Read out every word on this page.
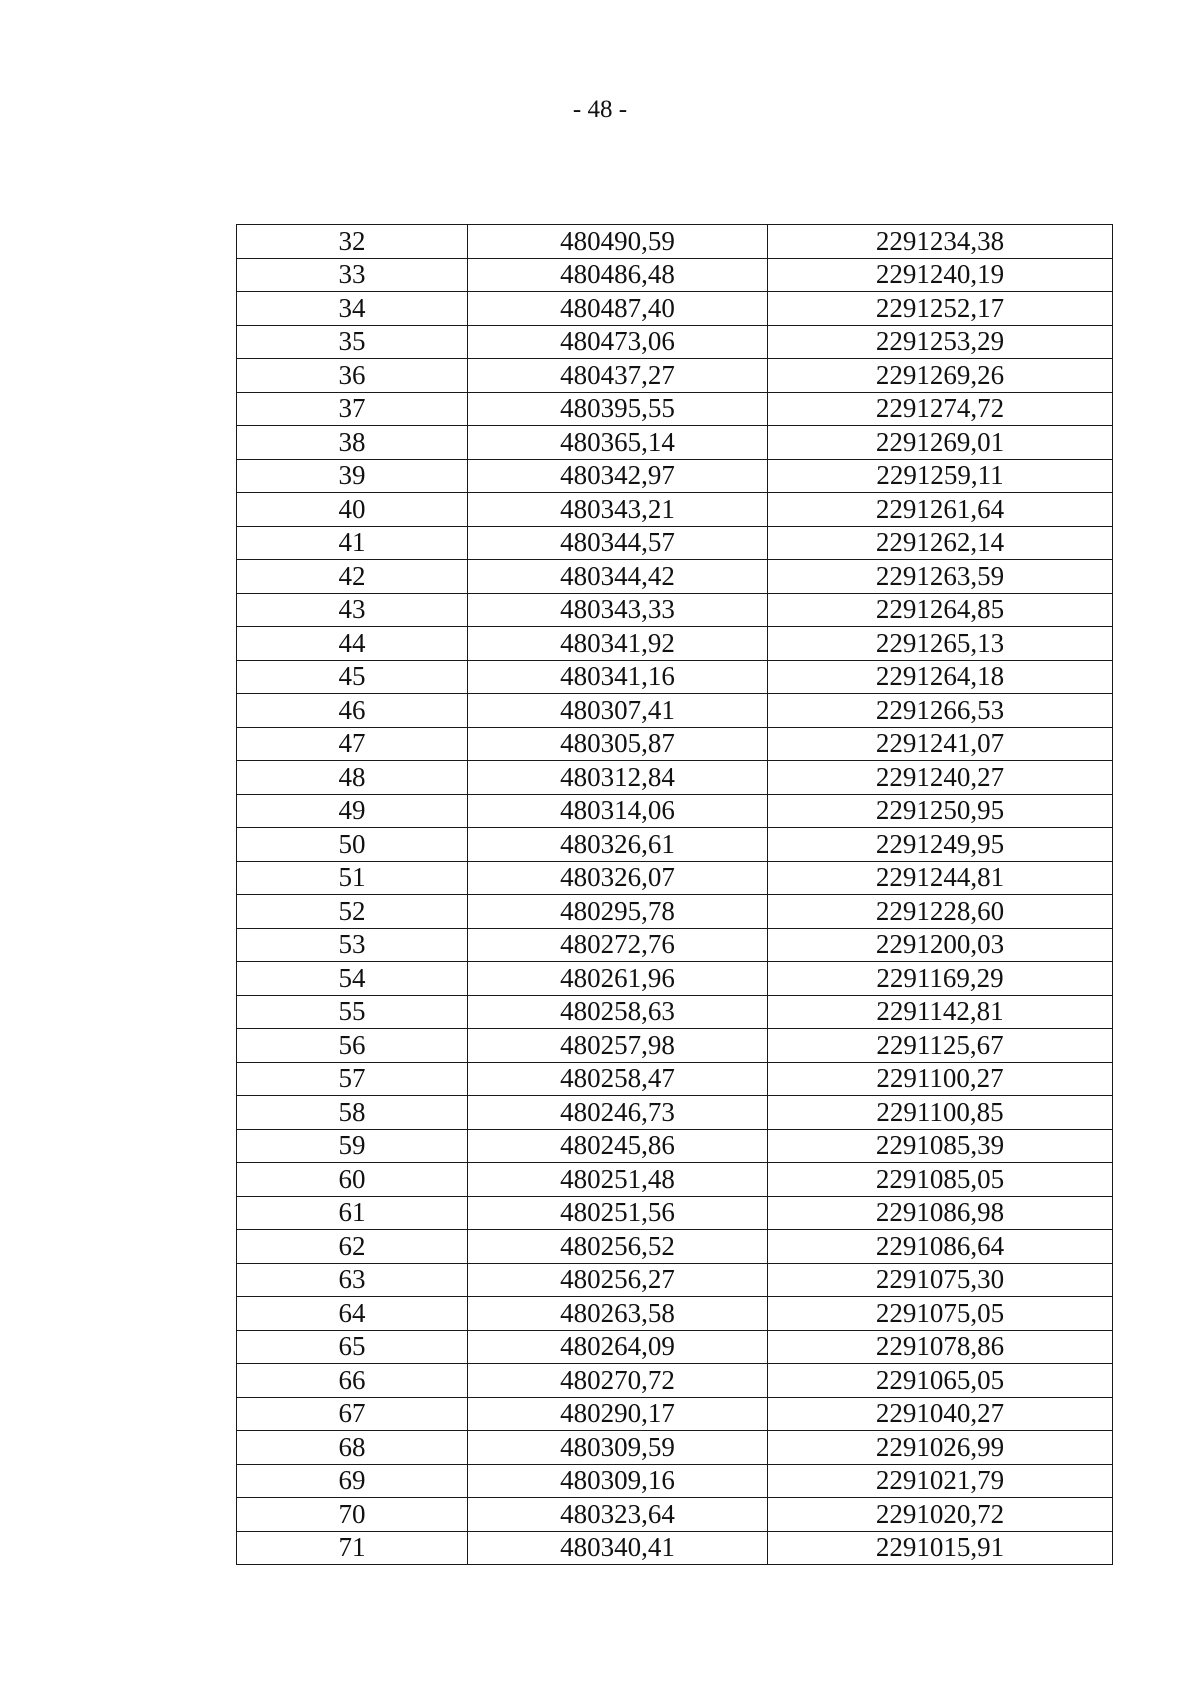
- 48 -
32	480490,59	2291234,38
33	480486,48	2291240,19
34	480487,40	2291252,17
35	480473,06	2291253,29
36	480437,27	2291269,26
37	480395,55	2291274,72
38	480365,14	2291269,01
39	480342,97	2291259,11
40	480343,21	2291261,64
41	480344,57	2291262,14
42	480344,42	2291263,59
43	480343,33	2291264,85
44	480341,92	2291265,13
45	480341,16	2291264,18
46	480307,41	2291266,53
47	480305,87	2291241,07
48	480312,84	2291240,27
49	480314,06	2291250,95
50	480326,61	2291249,95
51	480326,07	2291244,81
52	480295,78	2291228,60
53	480272,76	2291200,03
54	480261,96	2291169,29
55	480258,63	2291142,81
56	480257,98	2291125,67
57	480258,47	2291100,27
58	480246,73	2291100,85
59	480245,86	2291085,39
60	480251,48	2291085,05
61	480251,56	2291086,98
62	480256,52	2291086,64
63	480256,27	2291075,30
64	480263,58	2291075,05
65	480264,09	2291078,86
66	480270,72	2291065,05
67	480290,17	2291040,27
68	480309,59	2291026,99
69	480309,16	2291021,79
70	480323,64	2291020,72
71	480340,41	2291015,91
